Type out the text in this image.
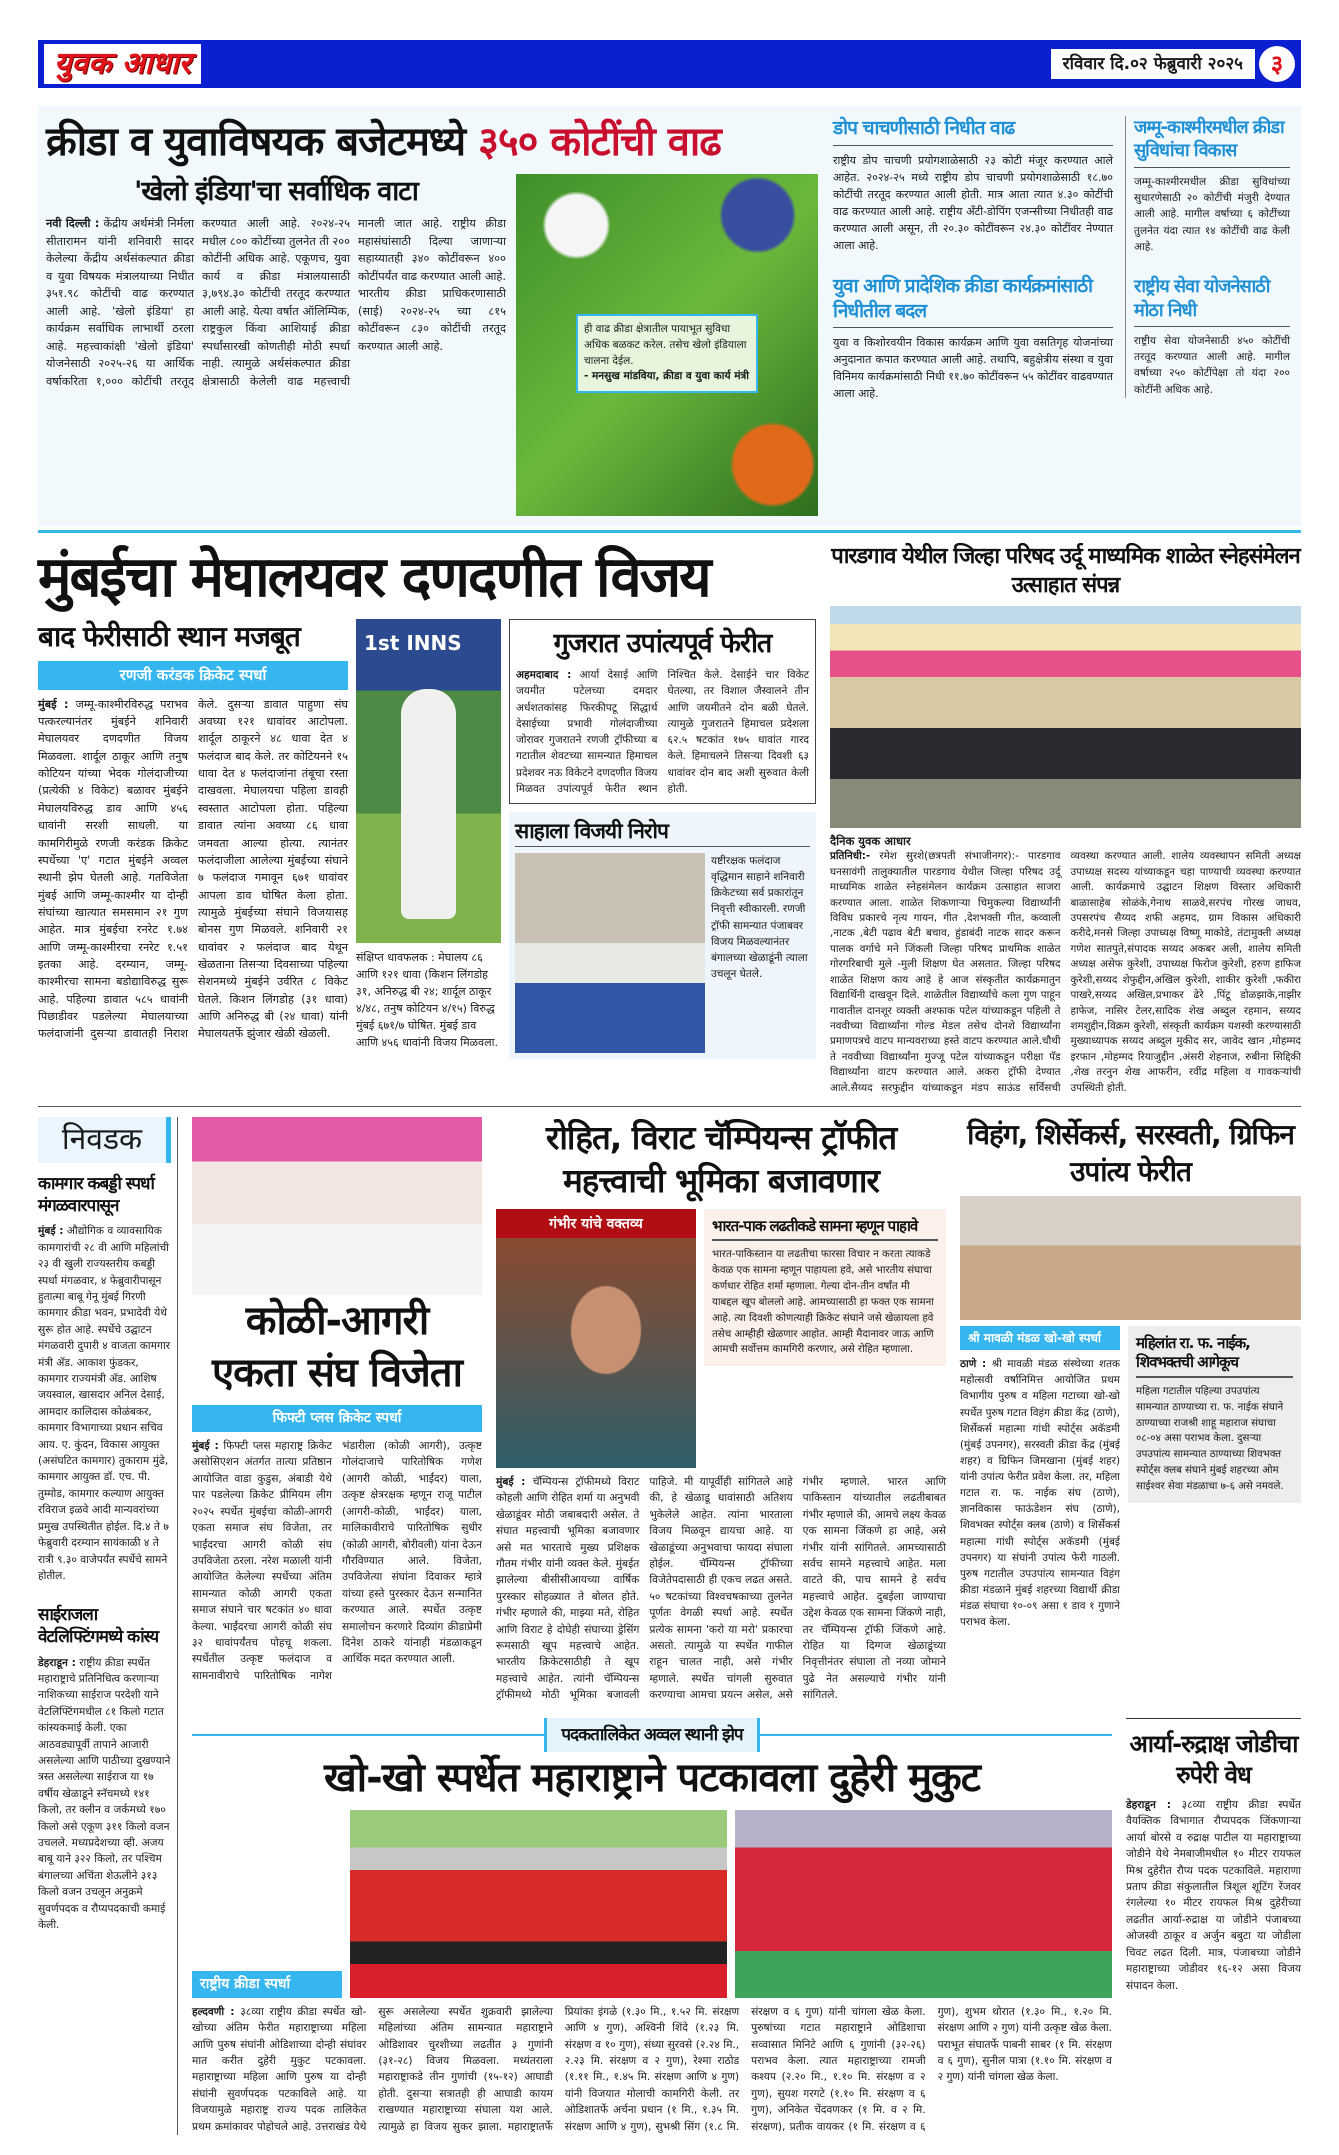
युवक आधार	रविवार दि.०२ फेब्रुवारी २०२५	३
क्रीडा व युवाविषयक बजेटमध्ये ३५० कोटींची वाढ
'खेलो इंडिया'चा सर्वाधिक वाटा
नवी दिल्ली : केंद्रीय अर्थमंत्री निर्मला सीतारामन यांनी शनिवारी सादर केलेल्या केंद्रीय अर्थसंकल्पात क्रीडा व युवा विषयक मंत्रालयाच्या निधीत ३५१.९८ कोटींची वाढ करण्यात आली आहे. 'खेलो इंडिया' हा कार्यक्रम सर्वाधिक लाभार्थी ठरला आहे. महत्त्वाकांक्षी 'खेलो इंडिया' योजनेसाठी २०२५-२६ या आर्थिक वर्षाकरिता १,००० कोटींची तरतूद करण्यात आली आहे. २०२४-२५ मधील ८०० कोटींच्या तुलनेत ती २०० कोटींनी अधिक आहे. एकूणच, युवा कार्य व क्रीडा मंत्रालयासाठी ३,७९४.३० कोटींची तरतूद करण्यात आली आहे. येत्या वर्षात ऑलिम्पिक, राष्ट्रकुल किंवा आशियाई क्रीडा स्पर्धांसारखी कोणतीही मोठी स्पर्धा नाही. त्यामुळे अर्थसंकल्पात क्रीडा क्षेत्रासाठी केलेली वाढ महत्त्वाची मानली जात आहे. राष्ट्रीय क्रीडा महासंघांसाठी दिल्या जाणाऱ्या सहाय्यातही ३४० कोटींवरून ४०० कोटींपर्यंत वाढ करण्यात आली आहे. भारतीय क्रीडा प्राधिकरणासाठी (साई) २०२४-२५ च्या ८१५ कोटींवरून ८३० कोटींची तरतूद करण्यात आली आहे.
ही वाढ क्रीडा क्षेत्रातील पायाभूत सुविधा अधिक बळकट करेल. तसेच खेलो इंडियाला चालना देईल.
- मनसुख मांडविया, क्रीडा व युवा कार्य मंत्री
डोप चाचणीसाठी निधीत वाढ
राष्ट्रीय डोप चाचणी प्रयोगशाळेसाठी २३ कोटी मंजूर करण्यात आले आहेत. २०२४-२५ मध्ये राष्ट्रीय डोप चाचणी प्रयोगशाळेसाठी १८.७० कोटींची तरतूद करण्यात आली होती. मात्र आता त्यात ४.३० कोटींची वाढ करण्यात आली आहे. राष्ट्रीय अँटी-डोपिंग एजन्सीच्या निधीतही वाढ करण्यात आली असून, ती २०.३० कोटींवरून २४.३० कोटींवर नेण्यात आला आहे.
युवा आणि प्रादेशिक क्रीडा कार्यक्रमांसाठी निधीतील बदल
युवा व किशोरवयीन विकास कार्यक्रम आणि युवा वसतिगृह योजनांच्या अनुदानात कपात करण्यात आली आहे. तथापि, बहुक्षेत्रीय संस्था व युवा विनिमय कार्यक्रमांसाठी निधी ११.७० कोटींवरून ५५ कोटींवर वाढवण्यात आला आहे.
जम्मू-काश्मीरमधील क्रीडा सुविधांचा विकास
जम्मू-काश्मीरमधील क्रीडा सुविधांच्या सुधारणेसाठी २० कोटींची मंजुरी देण्यात आली आहे. मागील वर्षाच्या ६ कोटींच्या तुलनेत यंदा त्यात १४ कोटींची वाढ केली आहे.
राष्ट्रीय सेवा योजनेसाठी मोठा निधी
राष्ट्रीय सेवा योजनेसाठी ४५० कोटींची तरतूद करण्यात आली आहे. मागील वर्षाच्या २५० कोटींपेक्षा तो यंदा २०० कोटींनी अधिक आहे.
मुंबईचा मेघालयवर दणदणीत विजय
बाद फेरीसाठी स्थान मजबूत
रणजी करंडक क्रिकेट स्पर्धा
मुंबई : जम्मू-काश्मीरविरुद्ध पराभव पत्करल्यानंतर मुंबईने शनिवारी मेघालयवर दणदणीत विजय मिळवला. शार्दूल ठाकूर आणि तनुष कोटियन यांच्या भेदक गोलंदाजीच्या (प्रत्येकी ४ विकेट) बळावर मुंबईने मेघालयविरुद्ध डाव आणि ४५६ धावांनी सरशी साधली. या कामगिरीमुळे रणजी करंडक क्रिकेट स्पर्धेच्या 'ए' गटात मुंबईने अव्वल स्थानी झेप घेतली आहे. गतविजेता मुंबई आणि जम्मू-काश्मीर या दोन्ही संघांच्या खात्यात समसमान २१ गुण आहेत. मात्र मुंबईचा रनरेट १.७४ आणि जम्मू-काश्मीरचा रनरेट १.५१ इतका आहे. दरम्यान, जम्मू-काश्मीरचा सामना बडोद्याविरुद्ध सुरू आहे. पहिल्या डावात ५८५ धावांनी पिछाडीवर पडलेल्या मेघालयाच्या फलंदाजांनी दुसऱ्या डावातही निराश केले. दुसऱ्या डावात पाहुणा संघ अवघ्या १२१ धावांवर आटोपला. शार्दूल ठाकूरने ४८ धावा देत ४ फलंदाज बाद केले. तर कोटियनने १५ धावा देत ४ फलंदाजांना तंबूचा रस्ता दाखवला. मेघालयचा पहिला डावही स्वस्तात आटोपला होता. पहिल्या डावात त्यांना अवघ्या ८६ धावा जमवता आल्या होत्या. त्यानंतर फलंदाजीला आलेल्या मुंबईच्या संघाने ७ फलंदाज गमावून ६७१ धावांवर आपला डाव घोषित केला होता. त्यामुळे मुंबईच्या संघाने विजयासह बोनस गुण मिळवले. शनिवारी २१ धावांवर २ फलंदाज बाद येथून खेळताना तिसऱ्या दिवसाच्या पहिल्या सेशनमध्ये मुंबईने उर्वरित ८ विकेट घेतले. किशन लिंगडोह (३१ धावा) आणि अनिरुद्ध बी (२४ धावा) यांनी मेघालयतर्फे झुंजार खेळी खेळली.
1st INNS
संक्षिप्त धावफलक : मेघालय ८६ आणि १२१ धावा (किशन लिंगडोह ३१, अनिरुद्ध बी २४; शार्दूल ठाकूर ४/४८, तनुष कोटियन ४/१५) विरुद्ध मुंबई ६७१/७ घोषित. मुंबई डाव आणि ४५६ धावांनी विजय मिळवला.
गुजरात उपांत्यपूर्व फेरीत
अहमदाबाद : आर्या देसाई आणि जयमीत पटेलच्या दमदार अर्धशतकांसह फिरकीपटू सिद्धार्थ देसाईच्या प्रभावी गोलंदाजीच्या जोरावर गुजरातने रणजी ट्रॉफीच्या ब गटातील शेवटच्या सामन्यात हिमाचल प्रदेशवर नऊ विकेटने दणदणीत विजय मिळवत उपांत्यपूर्व फेरीत स्थान निश्चित केले. देसाईने चार विकेट घेतल्या, तर विशाल जैस्वालने तीन आणि जयमीतने दोन बळी घेतले. त्यामुळे गुजरातने हिमाचल प्रदेशला ६२.५ षटकांत १७५ धावांत गारद केले. हिमाचलने तिसऱ्या दिवशी ६३ धावांवर दोन बाद अशी सुरुवात केली होती.
साहाला विजयी निरोप
यष्टीरक्षक फलंदाज वृद्धिमान साहाने शनिवारी क्रिकेटच्या सर्व प्रकारांतून निवृत्ती स्वीकारली. रणजी ट्रॉफी सामन्यात पंजाबवर विजय मिळवल्यानंतर बंगालच्या खेळाडूंनी त्याला उचलून घेतले.
पारडगाव येथील जिल्हा परिषद उर्दू माध्यमिक शाळेत स्नेहसंमेलन उत्साहात संपन्न
दैनिक युवक आधार
प्रतिनिधी:- रमेश सुरशे(छत्रपती संभाजीनगर):- पारडगाव घनसावंगी तालुक्यातील पारडगाव येथील जिल्हा परिषद उर्दू माध्यमिक शाळेत स्नेहसंमेलन कार्यक्रम उत्साहात साजरा करण्यात आला. शाळेत शिकणाऱ्या चिमुकल्या विद्यार्थ्यांनी विविध प्रकारचे नृत्य गायन, गीत ,देशभक्ती गीत, कव्वाली ,नाटक ,बेटी पढाव बेटी बचाव, हुंडाबंदी नाटक सादर करून पालक वर्गाचे मने जिंकली जिल्हा परिषद प्राथमिक शाळेत गोरगरिबाची मुले -मुली शिक्षण घेत असतात. जिल्हा परिषद शाळेत शिक्षण काय आहे हे आज संस्कृतीत कार्यक्रमातुन विद्यार्थिनी दाखवून दिले. शाळेतील विद्यार्थ्यांचे कला गुण पाहून गावातील दानशूर व्यक्ती अश्फाक पटेल यांच्याकडून पहिली ते नववीच्या विद्यार्थ्यांना गोल्ड मेडल तसेच दोनशे विद्यार्थ्यांना प्रमाणपत्रचे वाटप मान्यवराच्या हस्ते वाटप करण्यात आले.चौथी ते नववीच्या विद्यार्थ्यांना मुज्जू पटेल यांच्याकडून परीक्षा पॅड विद्यार्थ्यांना वाटप करण्यात आले. अकरा ट्रॉफी देण्यात आले.सैय्यद सरफुद्दीन यांच्याकडून मंडप साऊंड सर्विसची व्यवस्था करण्यात आली. शालेय व्यवस्थापन समिती अध्यक्ष उपाध्यक्ष सदस्य यांच्याकडून चहा पाण्याची व्यवस्था करण्यात आली. कार्यक्रमाचे उद्घाटन शिक्षण विस्तार अधिकारी बाळासाहेब सोळंके,गेनाथ साळवे,सरपंच गोरख जाधव, उपसरपंच सैय्यद शफी अहमद, ग्राम विकास अधिकारी करीदे,मनसे जिल्हा उपाध्यक्ष विष्णू माकोडे, तंटामुक्ती अध्यक्ष गणेश सातपुते,संपादक सय्यद अकबर अली, शालेय समिती अध्यक्ष असेफ कुरेशी, उपाध्यक्ष फिरोज कुरेशी, हरुण हाफिज कुरेशी,सय्यद शेफुद्दीन,अखिल कुरेशी, शाकीर कुरेशी ,फकीरा पाखरे,सय्यद अखिल,प्रभाकर ढेरे ,पिंटू डोळझाके,नाझीर हाफेज, नासिर टेलर,सादिक शेख अब्दुल रहमान, सय्यद शमशुद्दीन,विक्रम कुरेशी, संस्कृती कार्यक्रम यशस्वी करण्यासाठी मुख्याध्यापक सय्यद अब्दुल मुकीद सर, जावेद खान ,मोहम्मद इरफान ,मोहम्मद रियाजुद्दीन ,अंसरी शेहनाज, रुबीना सिद्दिकी ,शेख तरनुन शेख आफरीन, रवींद्र महिला व गावकऱ्यांची उपस्थिती होती.
निवडक
कामगार कबड्डी स्पर्धा मंगळवारपासून
मुंबई : औद्योगिक व व्यावसायिक कामगारांची २८ वी आणि महिलांची २३ वी खुली राज्यस्तरीय कबड्डी स्पर्धा मंगळवार, ४ फेब्रुवारीपासून हुतात्मा बाबू गेनू मुंबई गिरणी कामगार क्रीडा भवन, प्रभादेवी येथे सुरू होत आहे. स्पर्धेचे उद्घाटन मंगळवारी दुपारी ४ वाजता कामगार मंत्री ॲड. आकाश फुंडकर, कामगार राज्यमंत्री ॲड. आशिष जयस्वाल, खासदार अनिल देसाई, आमदार कालिदास कोळंबकर, कामगार विभागाच्या प्रधान सचिव आय. ए. कुंदन, विकास आयुक्त (असंघटित कामगार) तुकाराम मुंढे, कामगार आयुक्त डॉ. एच. पी. तुम्मोड, कामगार कल्याण आयुक्त रविराज इळवे आदी मान्यवरांच्या प्रमुख उपस्थितीत होईल. दि.४ ते ७ फेब्रुवारी दरम्यान सायंकाळी ४ ते रात्री ९.३० वाजेपर्यंत स्पर्धेचे सामने होतील.
साईराजला वेटलिफ्टिंगमध्ये कांस्य
डेहराडून : राष्ट्रीय क्रीडा स्पर्धेत महाराष्ट्राचे प्रतिनिधित्व करणाऱ्या नाशिकच्या साईराज परदेशी याने वेटलिफ्टिंगमधील ८१ किलो गटात कांस्यकमाई केली. एका आठवड्यापूर्वी तापाने आजारी असलेल्या आणि पाठीच्या दुखण्याने त्रस्त असलेल्या साईराज या १७ वर्षीय खेळाडूने स्नॅचमध्ये १४१ किलो, तर क्लीन व जर्कमध्ये १७० किलो असे एकूण ३११ किलो वजन उचलले. मध्यप्रदेशच्या व्ही. अजय बाबू याने ३२२ किलो, तर पश्चिम बंगालच्या अचिंता शेऊलीने ३१३ किलो वजन उचलून अनुक्रमे सुवर्णपदक व रौप्यपदकाची कमाई केली.
कोळी-आगरी
एकता संघ विजेता
फिफ्टी प्लस क्रिकेट स्पर्धा
मुंबई : फिफ्टी प्लस महाराष्ट्र क्रिकेट असोसिएशन अंतर्गत तात्या प्रतिष्ठान आयोजित वाडा कुडुस, अंबाडी येथे पार पडलेल्या क्रिकेट प्रीमियम लीग २०२५ स्पर्धेत मुंबईचा कोळी-आगरी एकता समाज संघ विजेता, तर भाईंदरचा आगरी कोळी संघ उपविजेता ठरला. नरेश मळाली यांनी आयोजित केलेल्या स्पर्धेच्या अंतिम सामन्यात कोळी आगरी एकता समाज संघाने चार षटकांत ४० धावा केल्या. भाईंदरचा आगरी कोळी संघ ३२ धावांपर्यंतच पोहचू शकला. स्पर्धेतील उत्कृष्ट फलंदाज व सामनावीराचे पारितोषिक नागेश भंडारीला (कोळी आगरी), उत्कृष्ट गोलंदाजाचे पारितोषिक गणेश (आगरी कोळी, भाईंदर) याला, उत्कृष्ट क्षेत्ररक्षक म्हणून राजू पाटील (आगरी-कोळी, भाईंदर) याला, मालिकावीराचे पारितोषिक सुधीर (कोळी आगरी, बोरीवली) यांना देऊन गौरविण्यात आले. विजेता, उपविजेत्या संघांना दिवाकर म्हात्रे यांच्या हस्ते पुरस्कार देऊन सन्मानित करण्यात आले. स्पर्धेत उत्कृष्ट समालोचन करणारे दिव्यांग क्रीडाप्रेमी दिनेश ठाकरे यांनाही मंडळाकडून आर्थिक मदत करण्यात आली.
रोहित, विराट चॅम्पियन्स ट्रॉफीत
महत्त्वाची भूमिका बजावणार
गंभीर यांचे वक्तव्य	भारत-पाक लढतीकडे सामना म्हणून पाहावे
भारत-पाकिस्तान या लढतीचा फारसा विचार न करता त्याकडे केवळ एक सामना म्हणून पाहायला हवे, असे भारतीय संघाचा कर्णधार रोहित शर्मा म्हणाला. गेल्या दोन-तीन वर्षांत मी याबद्दल खूप बोललो आहे. आमच्यासाठी हा फक्त एक सामना आहे. त्या दिवशी कोणत्याही क्रिकेट संघाने जसे खेळायला हवे तसेच आम्हीही खेळणार आहोत. आम्ही मैदानावर जाऊ आणि आमची सर्वोत्तम कामगिरी करणार, असे रोहित म्हणाला.
मुंबई : चॅम्पियन्स ट्रॉफीमध्ये विराट कोहली आणि रोहित शर्मा या अनुभवी खेळाडूंवर मोठी जबाबदारी असेल. ते संघात महत्त्वाची भूमिका बजावणार असे मत भारताचे मुख्य प्रशिक्षक गौतम गंभीर यांनी व्यक्त केले. मुंबईत झालेल्या बीसीसीआयच्या वार्षिक पुरस्कार सोहळ्यात ते बोलत होते. गंभीर म्हणाले की, माझ्या मते, रोहित आणि विराट हे दोघेही संघाच्या ड्रेसिंग रूमसाठी खूप महत्त्वाचे आहेत. भारतीय क्रिकेटसाठीही ते खूप महत्त्वाचे आहेत. त्यांनी चॅम्पियन्स ट्रॉफीमध्ये मोठी भूमिका बजावली पाहिजे. मी यापूर्वीही सांगितले आहे की, हे खेळाडू धावांसाठी अतिशय भुकेलेले आहेत. त्यांना भारताला विजय मिळवून द्यायचा आहे. या खेळाडूंच्या अनुभवाचा फायदा संघाला होईल. चॅम्पियन्स ट्रॉफीच्या विजेतेपदासाठी ही एकच लढत असते. ५० षटकांच्या विश्वचषकाच्या तुलनेत पूर्णतः वेगळी स्पर्धा आहे. स्पर्धेत प्रत्येक सामना 'करो या मरो' प्रकारचा असतो. त्यामुळे या स्पर्धेत गाफील राहून चालत नाही, असे गंभीर म्हणाले. स्पर्धेत चांगली सुरुवात करण्याचा आमचा प्रयत्न असेल, असे गंभीर म्हणाले. भारत आणि पाकिस्तान यांच्यातील लढतीबाबत गंभीर म्हणाले की, आमचे लक्ष्य केवळ एक सामना जिंकणे हा आहे, असे गंभीर यांनी सांगितले. आमच्यासाठी सर्वच सामने महत्त्वाचे आहेत. मला वाटते की, पाच सामने हे सर्वच महत्त्वाचे आहेत. दुबईला जाण्याचा उद्देश केवळ एक सामना जिंकणे नाही, तर चॅम्पियन्स ट्रॉफी जिंकणे आहे. रोहित या दिग्गज खेळाडूंच्या निवृत्तीनंतर संघाला तो नव्या जोमाने पुढे नेत असल्याचे गंभीर यांनी सांगितले.
विहंग, शिर्सेकर्स, सरस्वती, ग्रिफिन उपांत्य फेरीत
श्री मावळी मंडळ खो-खो स्पर्धा
ठाणे : श्री मावळी मंडळ संस्थेच्या शतक महोत्सवी वर्षानिमित्त आयोजित प्रथम विभागीय पुरुष व महिला गटाच्या खो-खो स्पर्धेत पुरुष गटात विहंग क्रीडा केंद्र (ठाणे), शिर्सेकर्स महात्मा गांधी स्पोर्ट्स अकॅडमी (मुंबई उपनगर), सरस्वती क्रीडा केंद्र (मुंबई शहर) व ग्रिफिन जिमखाना (मुंबई शहर) यांनी उपांत्य फेरीत प्रवेश केला. तर, महिला गटात रा. फ. नाईक संघ (ठाणे), ज्ञानविकास फाऊंडेशन संघ (ठाणे), शिवभक्त स्पोर्ट्स क्लब (ठाणे) व शिर्सेकर्स महात्मा गांधी स्पोर्ट्स अकॅडमी (मुंबई उपनगर) या संघांनी उपांत्य फेरी गाठली. पुरुष गटातील उपउपांत्य सामन्यात विहंग क्रीडा मंडळाने मुंबई शहरच्या विद्यार्थी क्रीडा मंडळ संघाचा १०-०९ असा १ डाव १ गुणाने पराभव केला.
महिलांत रा. फ. नाईक, शिवभक्तची आगेकूच
महिला गटातील पहिल्या उपउपांत्य सामन्यात ठाण्याच्या रा. फ. नाईक संघाने ठाण्याच्या राजश्री शाहू महाराज संघाचा ०८-०४ असा पराभव केला. दुसऱ्या उपउपांत्य सामन्यात ठाण्याच्या शिवभक्त स्पोर्ट्स क्लब संघाने मुंबई शहरच्या ओम साईश्वर सेवा मंडळाचा ७-६ असे नमवले.
पदकतालिकेत अव्वल स्थानी झेप
खो-खो स्पर्धेत महाराष्ट्राने पटकावला दुहेरी मुकुट
राष्ट्रीय क्रीडा स्पर्धा
हल्दवणी : ३८व्या राष्ट्रीय क्रीडा स्पर्धेत खो-खोच्या अंतिम फेरीत महाराष्ट्राच्या महिला आणि पुरुष संघांनी ओडिशाच्या दोन्ही संघांवर मात करीत दुहेरी मुकुट पटकावला. महाराष्ट्राच्या महिला आणि पुरुष या दोन्ही संघांनी सुवर्णपदक पटकाविले आहे. या विजयामुळे महाराष्ट्र राज्य पदक तालिकेत प्रथम क्रमांकावर पोहोचले आहे. उत्तराखंड येथे सुरू असलेल्या स्पर्धेत शुक्रवारी झालेल्या महिलांच्या अंतिम सामन्यात महाराष्ट्राने ओडिशावर चुरशीच्या लढतीत ३ गुणांनी (३१-२८) विजय मिळवला. मध्यंतराला महाराष्ट्राकडे तीन गुणांची (१५-१२) आघाडी होती. दुसऱ्या सत्रातही ही आघाडी कायम राखण्यात महाराष्ट्राच्या संघाला यश आले. त्यामुळे हा विजय सुकर झाला. महाराष्ट्रातर्फे प्रियांका इंगळे (१.३० मि., १.५२ मि. संरक्षण आणि ४ गुण), अश्विनी शिंदे (१.२३ मि. संरक्षण व १० गुण), संध्या सुरवसे (२.२४ मि., २.२३ मि. संरक्षण व २ गुण), रेश्मा राठोड (१.११ मि., १.४५ मि. संरक्षण आणि ४ गुण) यांनी विजयात मोलाची कामगिरी केली. तर ओडिशातर्फे अर्चना प्रधान (१ मि., १.३५ मि. संरक्षण आणि ४ गुण), सुभश्री सिंग (१.८ मि. संरक्षण व ६ गुण) यांनी चांगला खेळ केला. पुरुषांच्या गटात महाराष्ट्राने ओडिशाचा सव्वासात मिनिटे आणि ६ गुणांनी (३२-२६) पराभव केला. त्यात महाराष्ट्राच्या रामजी कश्यप (२.२० मि., १.१० मि. संरक्षण व २ गुण), सुयश गरगटे (१.१० मि. संरक्षण व ६ गुण), अनिकेत चेंदवणकर (१ मि. व २ मि. संरक्षण), प्रतीक वायकर (१ मि. संरक्षण व ६ गुण), शुभम थोरात (१.३० मि., १.२० मि. संरक्षण आणि २ गुण) यांनी उत्कृष्ट खेळ केला. पराभूत संघातर्फे पाबनी साबर (१ मि. संरक्षण व ६ गुण), सुनील पात्रा (१.१० मि. संरक्षण व २ गुण) यांनी चांगला खेळ केला.
आर्या-रुद्राक्ष जोडीचा रुपेरी वेध
डेहराडून : ३८व्या राष्ट्रीय क्रीडा स्पर्धेत वैयक्तिक विभागात रौप्यपदक जिंकणाऱ्या आर्या बोरसे व रुद्राक्ष पाटील या महाराष्ट्राच्या जोडीने येथे नेमबाजीमधील १० मीटर रायफल मिश्र दुहेरीत रौप्य पदक पटकाविले. महाराणा प्रताप क्रीडा संकुलातील त्रिशूल शूटिंग रेंजवर रंगलेल्या १० मीटर रायफल मिश्र दुहेरीच्या लढतीत आर्या-रुद्राक्ष या जोडीने पंजाबच्या ओजस्वी ठाकूर व अर्जुन बबुटा या जोडीला चिवट लढत दिली. मात्र, पंजाबच्या जोडीने महाराष्ट्राच्या जोडीवर १६-१२ असा विजय संपादन केला.
